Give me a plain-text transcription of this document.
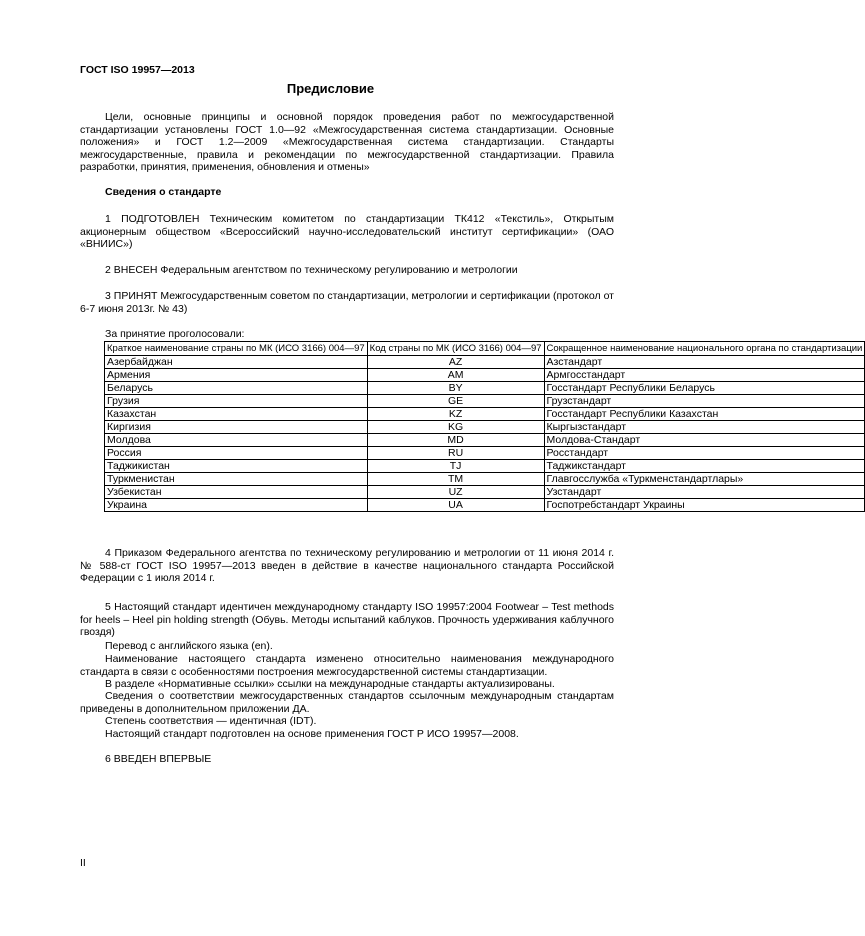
ГОСТ ISO 19957—2013

Предисловие

Цели, основные принципы и основной порядок проведения работ по межгосударственной стандартизации установлены ГОСТ 1.0—92 «Межгосударственная система стандартизации. Основные положения» и ГОСТ 1.2—2009 «Межгосударственная система стандартизации. Стандарты межгосударственные, правила и рекомендации по межгосударственной стандартизации. Правила разработки, принятия, применения, обновления и отмены»

Сведения о стандарте

1 ПОДГОТОВЛЕН Техническим комитетом по стандартизации ТК412 «Текстиль», Открытым акционерным обществом «Всероссийский научно-исследовательский институт сертификации» (ОАО «ВНИИС»)

2 ВНЕСЕН Федеральным агентством по техническому регулированию и метрологии

3 ПРИНЯТ Межгосударственным советом по стандартизации, метрологии и сертификации (протокол от 6-7 июня 2013г. № 43)

За принятие проголосовали:

Краткое наименование страны по МК (ИСО 3166) 004—97	Код страны по МК (ИСО 3166) 004—97	Сокращенное наименование национального органа по стандартизации
Азербайджан	AZ	Азстандарт
Армения	AM	Армгосстандарт
Беларусь	BY	Госстандарт Республики Беларусь
Грузия	GE	Грузстандарт
Казахстан	KZ	Госстандарт Республики Казахстан
Киргизия	KG	Кыргызстандарт
Молдова	MD	Молдова-Стандарт
Россия	RU	Росстандарт
Таджикистан	TJ	Таджикстандарт
Туркменистан	TM	Главгосслужба «Туркменстандартлары»
Узбекистан	UZ	Узстандарт
Украина	UA	Госпотребстандарт Украины

4 Приказом Федерального агентства по техническому регулированию и метрологии от 11 июня 2014 г. № 588-ст ГОСТ ISO 19957—2013 введен в действие в качестве национального стандарта Российской Федерации с 1 июля 2014 г.

5 Настоящий стандарт идентичен международному стандарту ISO 19957:2004 Footwear – Test methods for heels – Heel pin holding strength (Обувь. Методы испытаний каблуков. Прочность удерживания каблучного гвоздя)

Перевод с английского языка (en).

Наименование настоящего стандарта изменено относительно наименования международного стандарта в связи с особенностями построения межгосударственной системы стандартизации.

В разделе «Нормативные ссылки» ссылки на международные стандарты актуализированы.

Сведения о соответствии межгосударственных стандартов ссылочным международным стандартам приведены в дополнительном приложении ДА.

Степень соответствия — идентичная (IDT).

Настоящий стандарт подготовлен на основе применения ГОСТ Р ИСО 19957—2008.

6 ВВЕДЕН ВПЕРВЫЕ

II
